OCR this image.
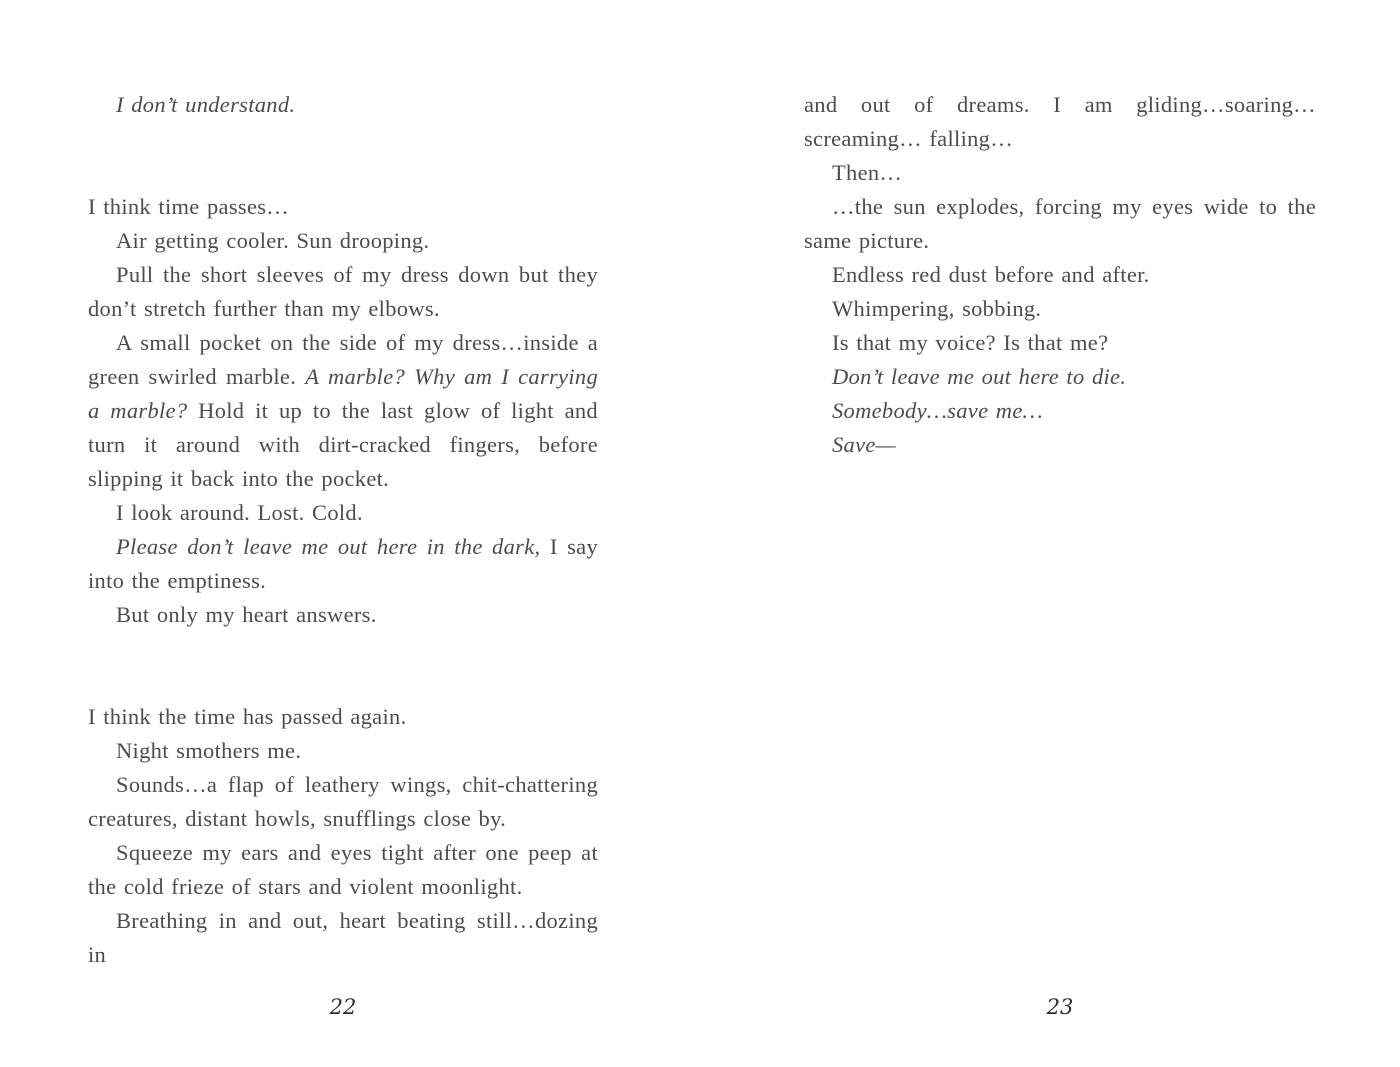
I don’t understand.

I think time passes…

Air getting cooler. Sun drooping.

Pull the short sleeves of my dress down but they don’t stretch further than my elbows.

A small pocket on the side of my dress…inside a green swirled marble. A marble? Why am I carrying a marble? Hold it up to the last glow of light and turn it around with dirt-cracked fingers, before slipping it back into the pocket.

I look around. Lost. Cold.

Please don’t leave me out here in the dark, I say into the emptiness.

But only my heart answers.

I think the time has passed again.

Night smothers me.

Sounds…a flap of leathery wings, chit-chattering creatures, distant howls, snufflings close by.

Squeeze my ears and eyes tight after one peep at the cold frieze of stars and violent moonlight.

Breathing in and out, heart beating still…dozing in

22

and out of dreams. I am gliding…soaring…screaming… falling…

Then…

…the sun explodes, forcing my eyes wide to the same picture.

Endless red dust before and after.

Whimpering, sobbing.

Is that my voice? Is that me?

Don’t leave me out here to die.

Somebody…save me…

Save—

23
